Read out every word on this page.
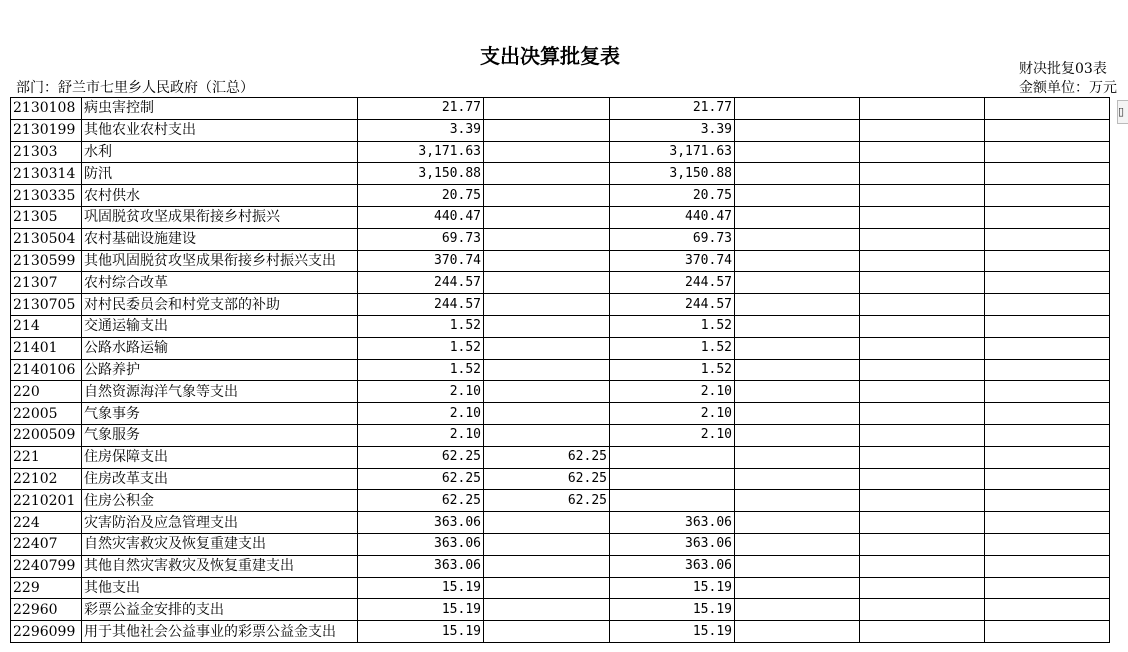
支出决算批复表
部门：舒兰市七里乡人民政府（汇总）
财决批复03表
金额单位：万元
▯
2130108	病虫害控制	21.77		21.77			
2130199	其他农业农村支出	3.39		3.39			
21303	水利	3,171.63		3,171.63			
2130314	防汛	3,150.88		3,150.88			
2130335	农村供水	20.75		20.75			
21305	巩固脱贫攻坚成果衔接乡村振兴	440.47		440.47			
2130504	农村基础设施建设	69.73		69.73			
2130599	其他巩固脱贫攻坚成果衔接乡村振兴支出	370.74		370.74			
21307	农村综合改革	244.57		244.57			
2130705	对村民委员会和村党支部的补助	244.57		244.57			
214	交通运输支出	1.52		1.52			
21401	公路水路运输	1.52		1.52			
2140106	公路养护	1.52		1.52			
220	自然资源海洋气象等支出	2.10		2.10			
22005	气象事务	2.10		2.10			
2200509	气象服务	2.10		2.10			
221	住房保障支出	62.25	62.25				
22102	住房改革支出	62.25	62.25				
2210201	住房公积金	62.25	62.25				
224	灾害防治及应急管理支出	363.06		363.06			
22407	自然灾害救灾及恢复重建支出	363.06		363.06			
2240799	其他自然灾害救灾及恢复重建支出	363.06		363.06			
229	其他支出	15.19		15.19			
22960	彩票公益金安排的支出	15.19		15.19			
2296099	用于其他社会公益事业的彩票公益金支出	15.19		15.19			
